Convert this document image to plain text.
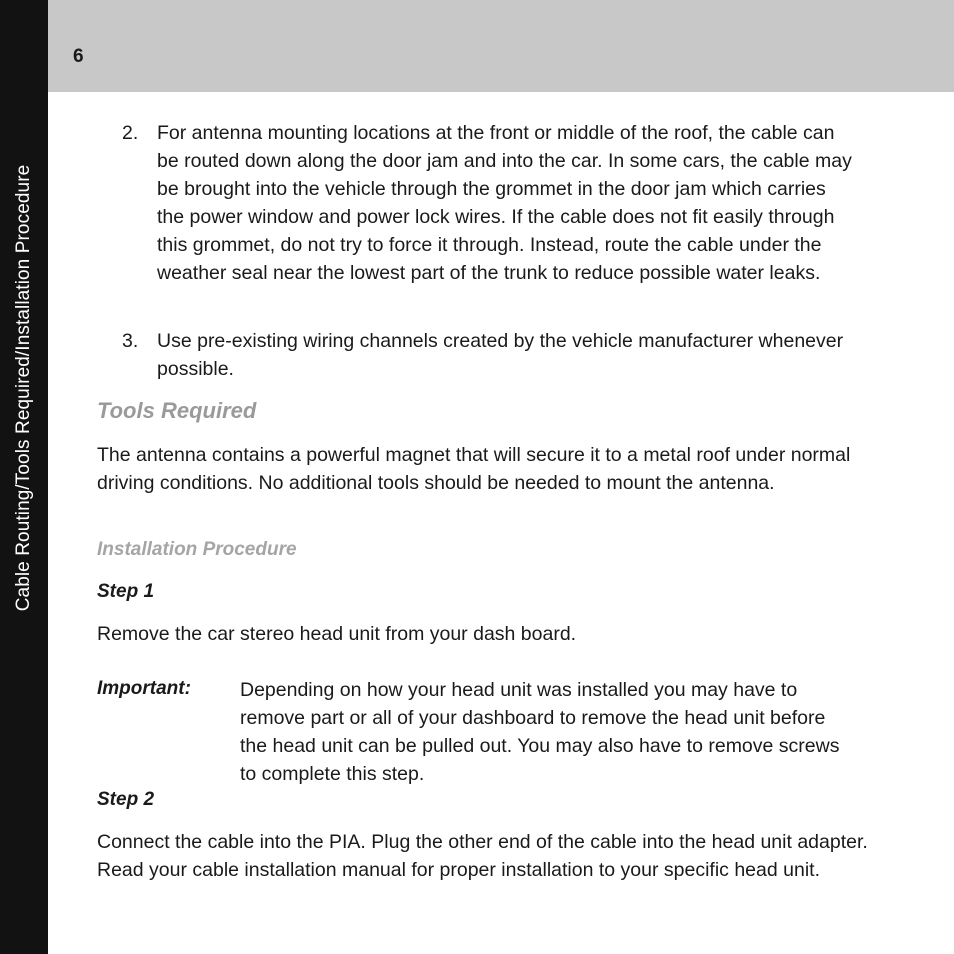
Cable Routing/Tools Required/Installation Procedure
6
2. For antenna mounting locations at the front or middle of the roof, the cable can be routed down along the door jam and into the car. In some cars, the cable may be brought into the vehicle through the grommet in the door jam which carries the power window and power lock wires. If the cable does not fit easily through this grommet, do not try to force it through. Instead, route the cable under the weather seal near the lowest part of the trunk to reduce possible water leaks.
3. Use pre-existing wiring channels created by the vehicle manufacturer whenever possible.
Tools Required
The antenna contains a powerful magnet that will secure it to a metal roof under normal driving conditions. No additional tools should be needed to mount the antenna.
Installation Procedure
Step 1
Remove the car stereo head unit from your dash board.
Important:	Depending on how your head unit was installed you may have to remove part or all of your dashboard to remove the head unit before the head unit can be pulled out. You may also have to remove screws to complete this step.
Step 2
Connect the cable into the PIA. Plug the other end of the cable into the head unit adapter. Read your cable installation manual for proper installation to your specific head unit.
